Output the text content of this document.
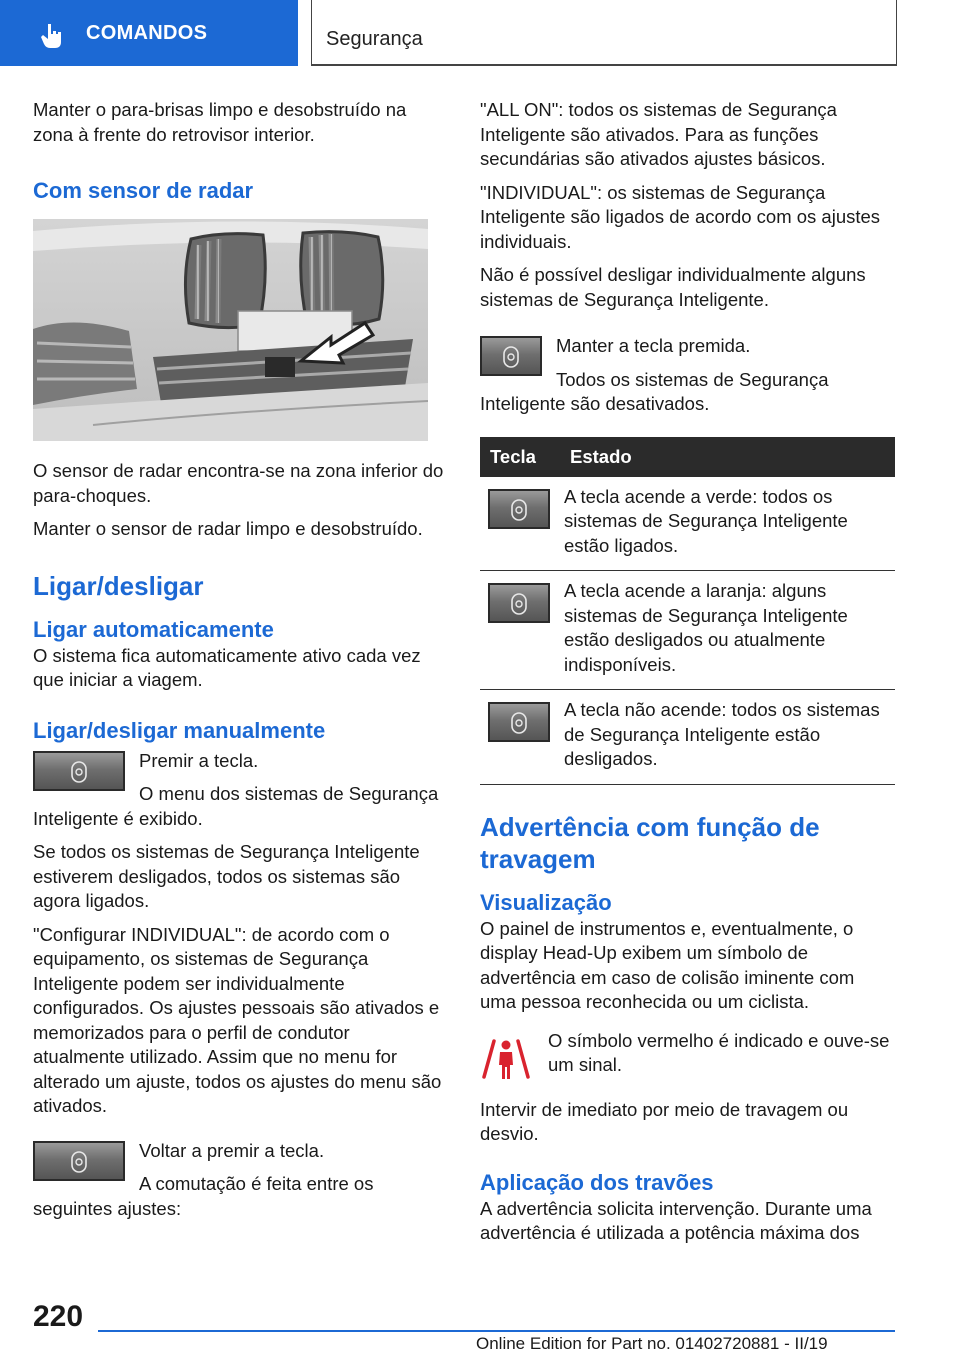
COMANDOS	Segurança

Manter o para-brisas limpo e desobstruído na zona à frente do retrovisor interior.

Com sensor de radar

O sensor de radar encontra-se na zona inferior do para-choques.

Manter o sensor de radar limpo e desobstruído.

Ligar/desligar
Ligar automaticamente

O sistema fica automaticamente ativo cada vez que iniciar a viagem.

Ligar/desligar manualmente

Premir a tecla.

O menu dos sistemas de Segurança Inteligente é exibido.

Se todos os sistemas de Segurança Inteligente estiverem desligados, todos os sistemas são agora ligados.

"Configurar INDIVIDUAL": de acordo com o equipamento, os sistemas de Segurança Inteligente podem ser individualmente configurados. Os ajustes pessoais são ativados e memorizados para o perfil de condutor atualmente utilizado. Assim que no menu for alterado um ajuste, todos os ajustes do menu são ativados.

Voltar a premir a tecla.

A comutação é feita entre os seguintes ajustes:

"ALL ON": todos os sistemas de Segurança Inteligente são ativados. Para as funções secundárias são ativados ajustes básicos.

"INDIVIDUAL": os sistemas de Segurança Inteligente são ligados de acordo com os ajustes individuais.

Não é possível desligar individualmente alguns sistemas de Segurança Inteligente.

Manter a tecla premida.

Todos os sistemas de Segurança Inteligente são desativados.

Tecla	Estado

A tecla acende a verde: todos os sistemas de Segurança Inteligente estão ligados.

A tecla acende a laranja: alguns sistemas de Segurança Inteligente estão desligados ou atualmente indisponíveis.

A tecla não acende: todos os sistemas de Segurança Inteligente estão desligados.

Advertência com função de travagem
Visualização

O painel de instrumentos e, eventualmente, o display Head-Up exibem um símbolo de advertência em caso de colisão iminente com uma pessoa reconhecida ou um ciclista.

O símbolo vermelho é indicado e ouve-se um sinal.

Intervir de imediato por meio de travagem ou desvio.

Aplicação dos travões

A advertência solicita intervenção. Durante uma advertência é utilizada a potência máxima dos

220
Online Edition for Part no. 01402720881 - II/19
